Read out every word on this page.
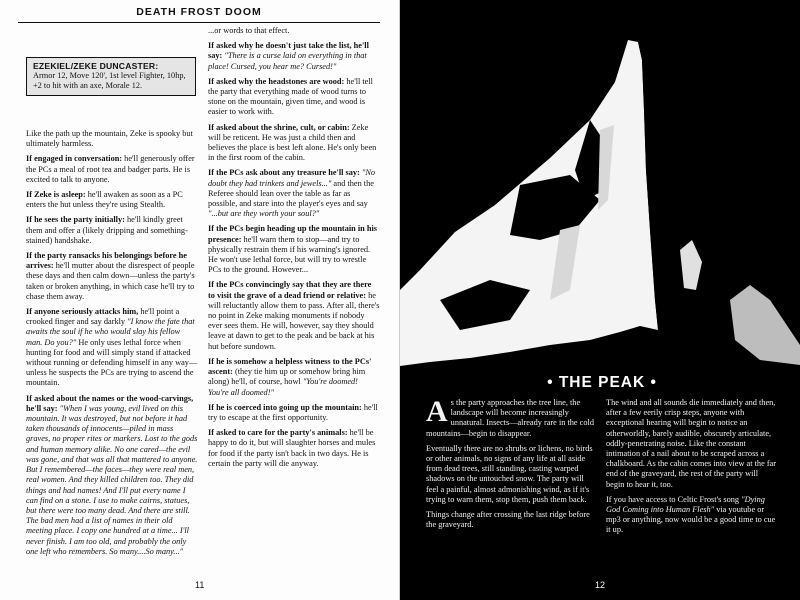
DEATH FROST DOOM
EZEKIEL/ZEKE DUNCASTER:
Armor 12, Move 120', 1st level Fighter, 10hp, +2 to hit with an axe, Morale 12.

Like the path up the mountain, Zeke is spooky but ultimately harmless.

If engaged in conversation: he'll generously offer the PCs a meal of root tea and badger parts. He is excited to talk to anyone.

If Zeke is asleep: he'll awaken as soon as a PC enters the hut unless they're using Stealth.

If he sees the party initially: he'll kindly greet them and offer a (likely dripping and something-stained) handshake.

If the party ransacks his belongings before he arrives: he'll mutter about the disrespect of people these days and then calm down—unless the party's taken or broken anything, in which case he'll try to chase them away.

If anyone seriously attacks him, he'll point a crooked finger and say darkly "I know the fate that awaits the soul if he who would slay his fellow man. Do you?" He only uses lethal force when hunting for food and will simply stand if attacked without running or defending himself in any way—unless he suspects the PCs are trying to ascend the mountain.

If asked about the names or the wood-carvings, he'll say: "When I was young, evil lived on this mountain. It was destroyed, but not before it had taken thousands of innocents—piled in mass graves, no proper rites or markers. Lost to the gods and human memory alike. No one cared—the evil was gone, and that was all that mattered to anyone. But I remembered—the faces—they were real men, real women. And they killed children too. They did things and had names! And I'll put every name I can find on a stone. I use to make cairns, statues, but there were too many dead. And there are still. The bad men had a list of names in their old meeting place. I copy one hundred at a time... I'll never finish. I am too old, and probably the only one left who remembers. So many....So many..."

...or words to that effect.

If asked why he doesn't just take the list, he'll say: "There is a curse laid on everything in that place! Cursed, you hear me? Cursed!"

If asked why the headstones are wood: he'll tell the party that everything made of wood turns to stone on the mountain, given time, and wood is easier to work with.

If asked about the shrine, cult, or cabin: Zeke will be reticent. He was just a child then and believes the place is best left alone. He's only been in the first room of the cabin.

If the PCs ask about any treasure he'll say: "No doubt they had trinkets and jewels..." and then the Referee should lean over the table as far as possible, and stare into the player's eyes and say "...but are they worth your soul?"

If the PCs begin heading up the mountain in his presence: he'll warn them to stop—and try to physically restrain them if his warning's ignored. He won't use lethal force, but will try to wrestle PCs to the ground. However...

If the PCs convincingly say that they are there to visit the grave of a dead friend or relative: he will reluctantly allow them to pass. After all, there's no point in Zeke making monuments if nobody ever sees them. He will, however, say they should leave at dawn to get to the peak and be back at his hut before sundown.

If he is somehow a helpless witness to the PCs' ascent: (they tie him up or somehow bring him along) he'll, of course, howl "You're doomed! You're all doomed!"

If he is coerced into going up the mountain: he'll try to escape at the first opportunity.

If asked to care for the party's animals: he'll be happy to do it, but will slaughter horses and mules for food if the party isn't back in two days. He is certain the party will die anyway.

11
• THE PEAK •

As the party approaches the tree line, the landscape will become increasingly unnatural. Insects—already rare in the cold mountains—begin to disappear.

Eventually there are no shrubs or lichens, no birds or other animals, no signs of any life at all aside from dead trees, still standing, casting warped shadows on the untouched snow. The party will feel a painful, almost admonishing wind, as if it's trying to warn them, stop them, push them back.

Things change after crossing the last ridge before the graveyard.

The wind and all sounds die immediately and then, after a few eerily crisp steps, anyone with exceptional hearing will begin to notice an otherworldly, barely audible, obscurely articulate, oddly-penetrating noise. Like the constant intimation of a nail about to be scraped across a chalkboard. As the cabin comes into view at the far end of the graveyard, the rest of the party will begin to hear it, too.

If you have access to Celtic Frost's song "Dying God Coming into Human Flesh" via youtube or mp3 or anything, now would be a good time to cue it up.

12
